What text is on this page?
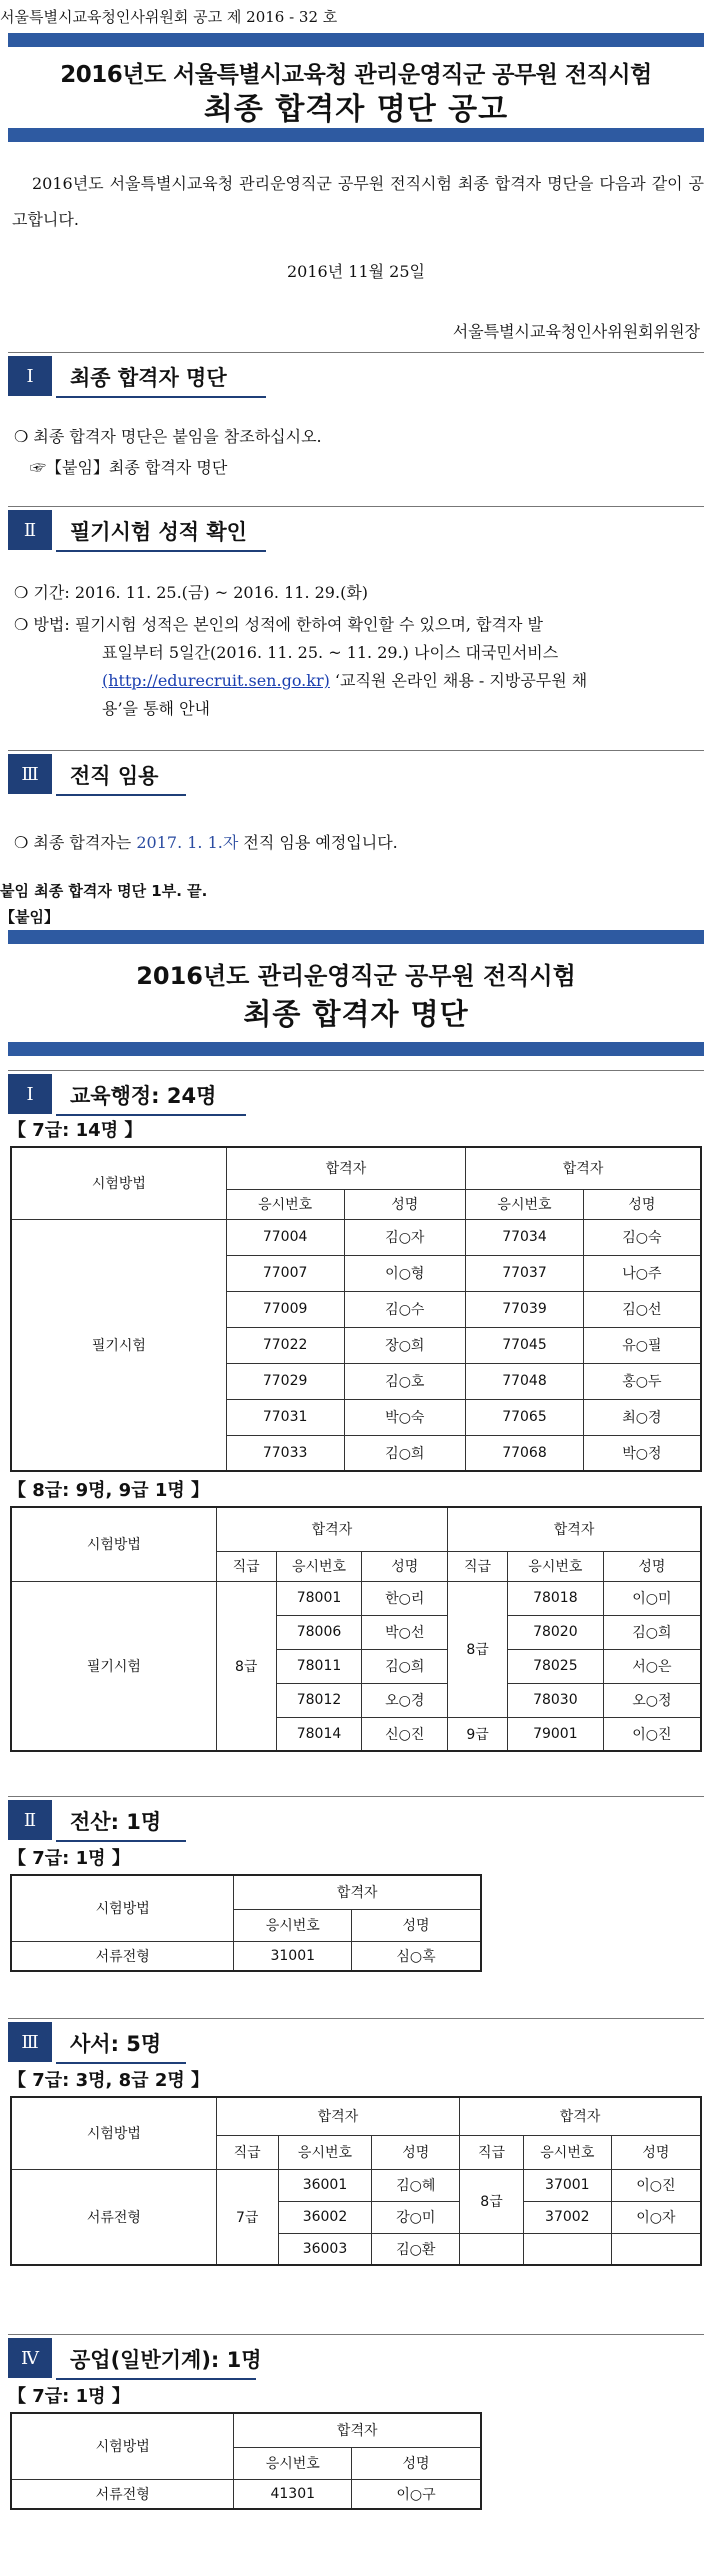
서울특별시교육청인사위원회 공고 제 2016 - 32 호
2016년도 서울특별시교육청 관리운영직군 공무원 전직시험
최종 합격자 명단 공고
2016년도 서울특별시교육청 관리운영직군 공무원 전직시험 최종 합격자 명단을 다음과 같이 공고합니다.
2016년 11월 25일
서울특별시교육청인사위원회위원장
Ⅰ	최종 합격자 명단
❍ 최종 합격자 명단은 붙임을 참조하십시오.
☞【붙임】최종 합격자 명단
Ⅱ	필기시험 성적 확인
❍ 기간: 2016. 11. 25.(금) ~ 2016. 11. 29.(화)
❍ 방법: 필기시험 성적은 본인의 성적에 한하여 확인할 수 있으며, 합격자 발
표일부터 5일간(2016. 11. 25. ~ 11. 29.) 나이스 대국민서비스
(http://edurecruit.sen.go.kr) ‘교직원 온라인 채용 - 지방공무원 채
용’을 통해 안내
Ⅲ	전직 임용
❍ 최종 합격자는 2017. 1. 1.자 전직 임용 예정입니다.
붙임 최종 합격자 명단 1부. 끝.
【붙임】
2016년도 관리운영직군 공무원 전직시험
최종 합격자 명단
Ⅰ	교육행정: 24명
【 7급: 14명 】
시험방법	합격자		합격자	
	응시번호	성명	응시번호	성명
필기시험	77004	김○자	77034	김○숙
	77007	이○형	77037	나○주
	77009	김○수	77039	김○선
	77022	장○희	77045	유○필
	77029	김○호	77048	홍○두
	77031	박○숙	77065	최○경
	77033	김○희	77068	박○정
【 8급: 9명, 9급 1명 】
시험방법	합격자			합격자		
	직급	응시번호	성명	직급	응시번호	성명
필기시험	8급	78001	한○리	8급	78018	이○미
		78006	박○선		78020	김○희
		78011	김○희		78025	서○은
		78012	오○경		78030	오○정
		78014	신○진	9급	79001	이○진
Ⅱ	전산: 1명
【 7급: 1명 】
시험방법	합격자	
	응시번호	성명
서류전형	31001	심○혹
Ⅲ	사서: 5명
【 7급: 3명, 8급 2명 】
시험방법	합격자			합격자		
	직급	응시번호	성명	직급	응시번호	성명
서류전형	7급	36001	김○혜	8급	37001	이○진
		36002	강○미		37002	이○자
		36003	김○환			
Ⅳ	공업(일반기계): 1명
【 7급: 1명 】
시험방법	합격자	
	응시번호	성명
서류전형	41301	이○구
